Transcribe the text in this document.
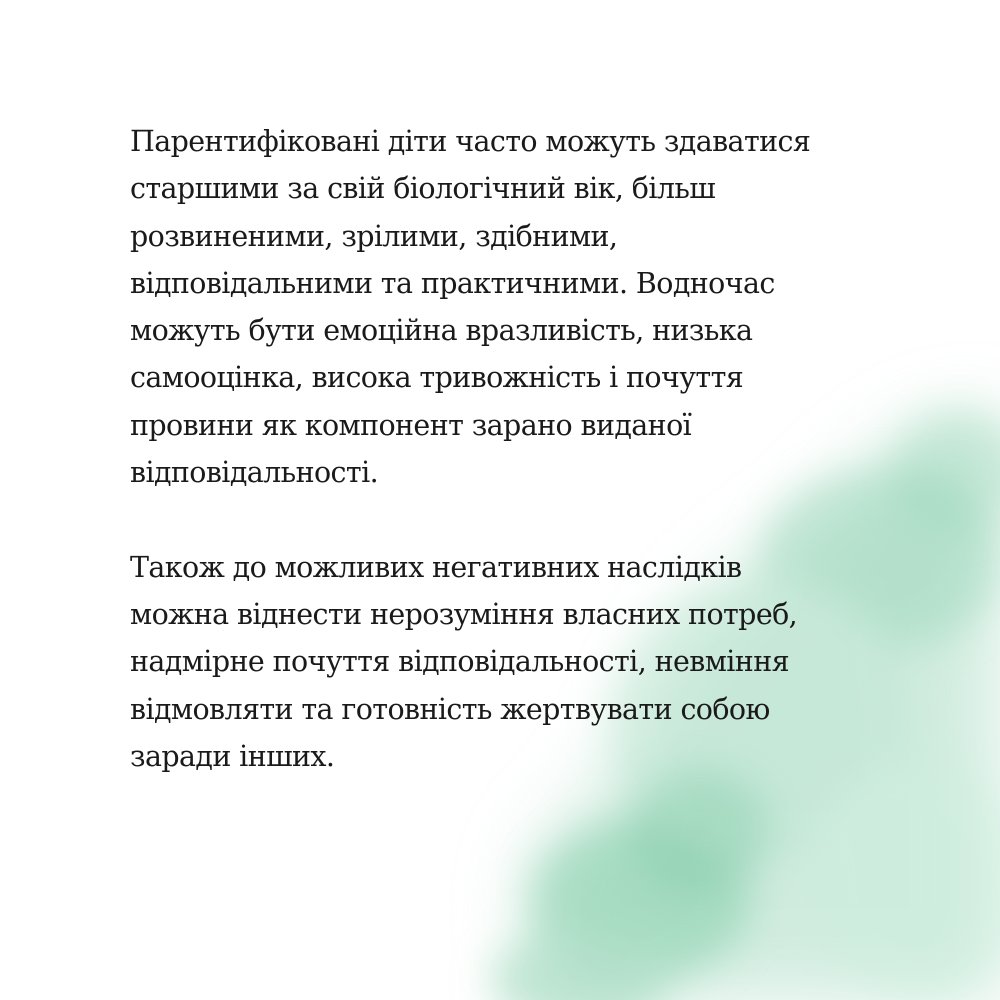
Парентифіковані діти часто можуть здаватися
старшими за свій біологічний вік, більш
розвиненими, зрілими, здібними,
відповідальними та практичними. Водночас
можуть бути емоційна вразливість, низька
самооцінка, висока тривожність і почуття
провини як компонент зарано виданої
відповідальності.
Також до можливих негативних наслідків
можна віднести нерозуміння власних потреб,
надмірне почуття відповідальності, невміння
відмовляти та готовність жертвувати собою
заради інших.
